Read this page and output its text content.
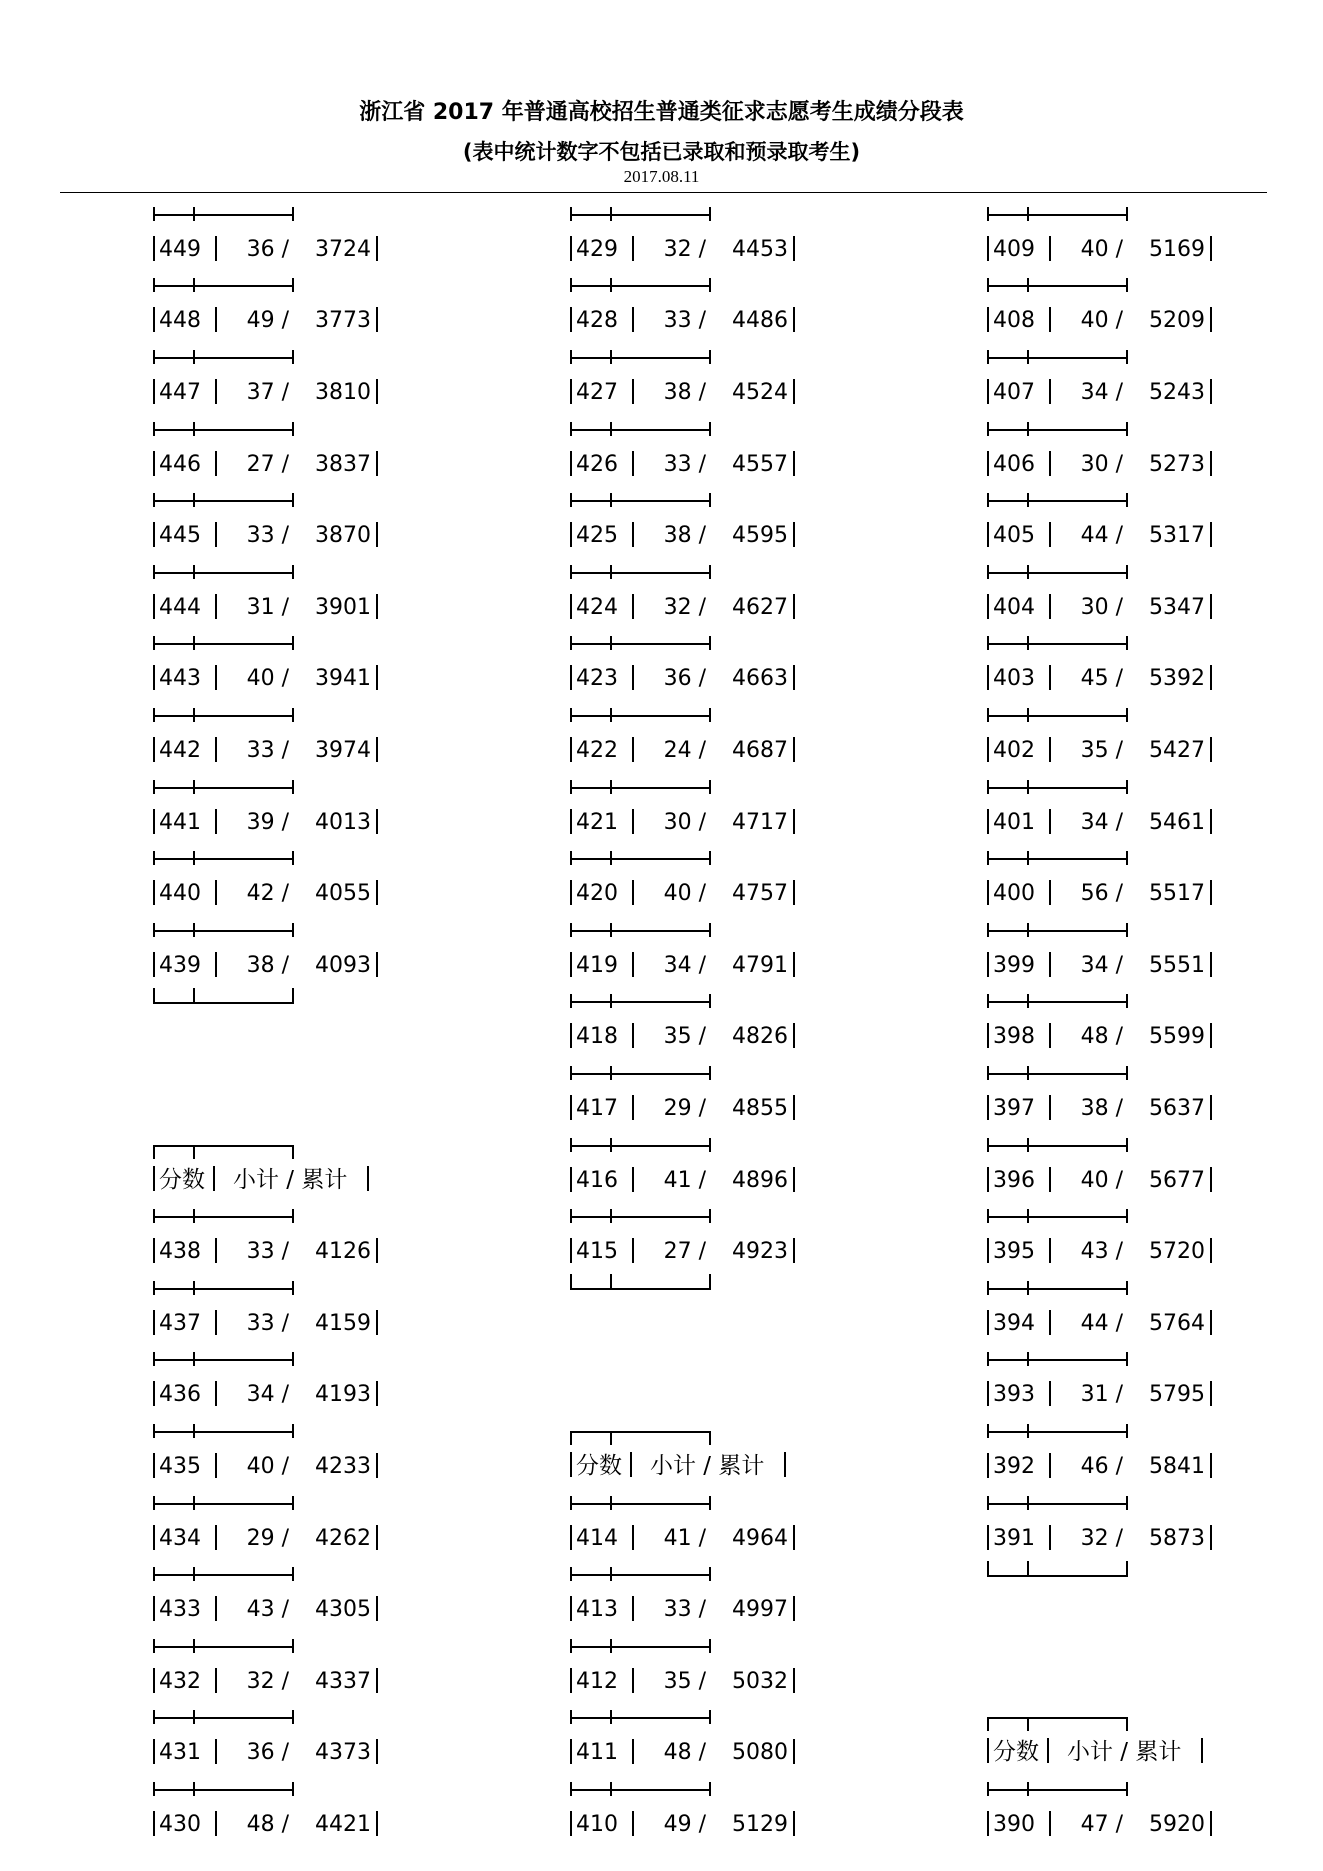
浙江省 2017 年普通高校招生普通类征求志愿考生成绩分段表
(表中统计数字不包括已录取和预录取考生)
2017.08.11
449	36 /	3724
448	49 /	3773
447	37 /	3810
446	27 /	3837
445	33 /	3870
444	31 /	3901
443	40 /	3941
442	33 /	3974
441	39 /	4013
440	42 /	4055
439	38 /	4093
分数 小计 / 累计
438	33 /	4126
437	33 /	4159
436	34 /	4193
435	40 /	4233
434	29 /	4262
433	43 /	4305
432	32 /	4337
431	36 /	4373
430	48 /	4421
429	32 /	4453
428	33 /	4486
427	38 /	4524
426	33 /	4557
425	38 /	4595
424	32 /	4627
423	36 /	4663
422	24 /	4687
421	30 /	4717
420	40 /	4757
419	34 /	4791
418	35 /	4826
417	29 /	4855
416	41 /	4896
415	27 /	4923
分数 小计 / 累计
414	41 /	4964
413	33 /	4997
412	35 /	5032
411	48 /	5080
410	49 /	5129
409	40 /	5169
408	40 /	5209
407	34 /	5243
406	30 /	5273
405	44 /	5317
404	30 /	5347
403	45 /	5392
402	35 /	5427
401	34 /	5461
400	56 /	5517
399	34 /	5551
398	48 /	5599
397	38 /	5637
396	40 /	5677
395	43 /	5720
394	44 /	5764
393	31 /	5795
392	46 /	5841
391	32 /	5873
分数 小计 / 累计
390	47 /	5920
